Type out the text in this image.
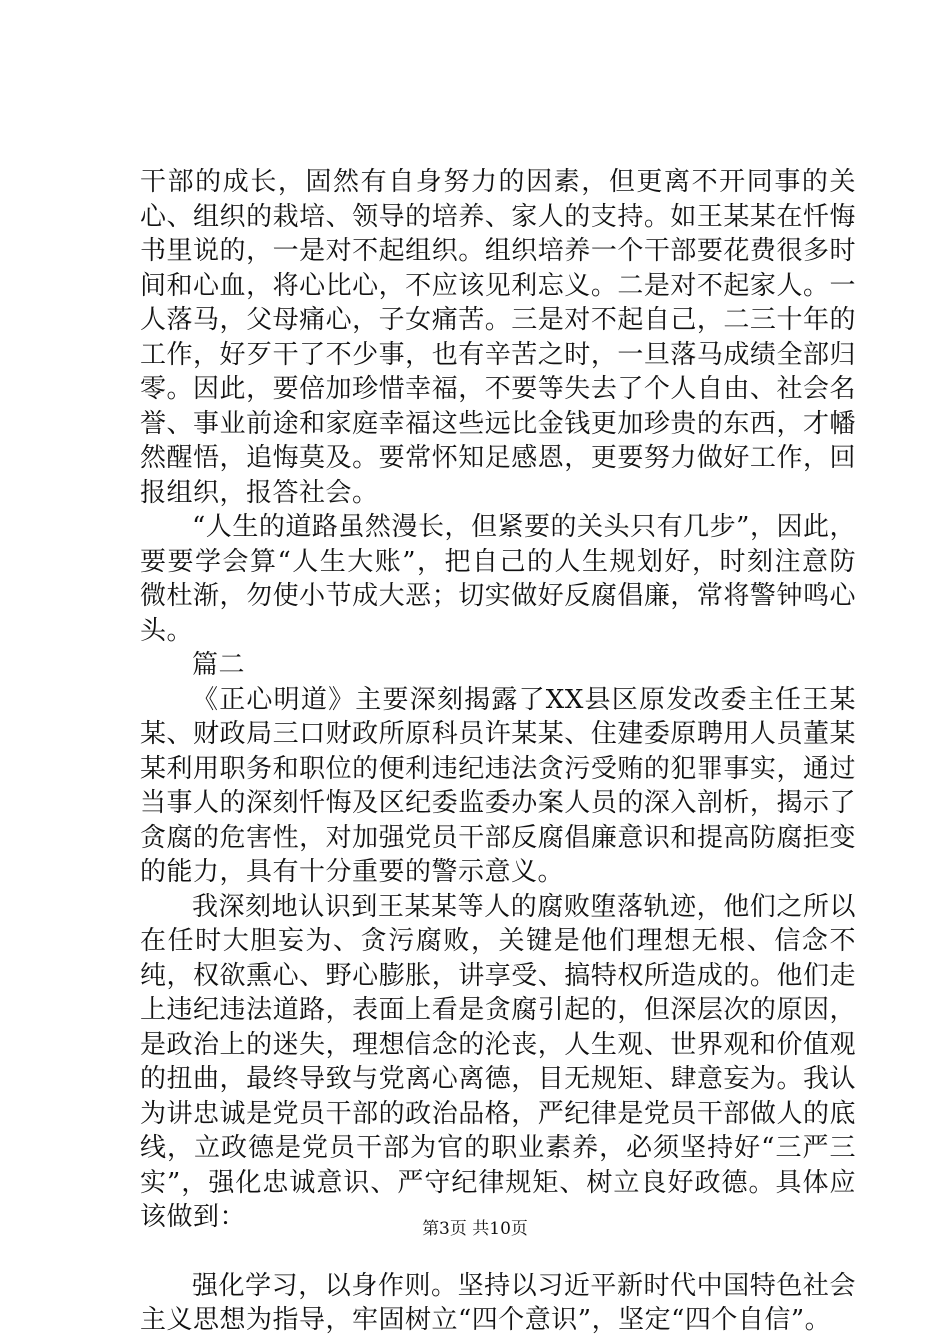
干部的成长，固然有自身努力的因素，但更离不开同事的关心、组织的栽培、领导的培养、家人的支持。如王某某在忏悔书里说的，一是对不起组织。组织培养一个干部要花费很多时间和心血，将心比心，不应该见利忘义。二是对不起家人。一人落马，父母痛心，子女痛苦。三是对不起自己，二三十年的工作，好歹干了不少事，也有辛苦之时，一旦落马成绩全部归零。因此，要倍加珍惜幸福，不要等失去了个人自由、社会名誉、事业前途和家庭幸福这些远比金钱更加珍贵的东西，才幡然醒悟，追悔莫及。要常怀知足感恩，更要努力做好工作，回报组织，报答社会。

“人生的道路虽然漫长，但紧要的关头只有几步”，因此，要要学会算“人生大账”，把自己的人生规划好，时刻注意防微杜渐，勿使小节成大恶；切实做好反腐倡廉，常将警钟鸣心头。

篇二

《正心明道》主要深刻揭露了XX县区原发改委主任王某某、财政局三口财政所原科员许某某、住建委原聘用人员董某某利用职务和职位的便利违纪违法贪污受贿的犯罪事实，通过当事人的深刻忏悔及区纪委监委办案人员的深入剖析，揭示了贪腐的危害性，对加强党员干部反腐倡廉意识和提高防腐拒变的能力，具有十分重要的警示意义。

我深刻地认识到王某某等人的腐败堕落轨迹，他们之所以在任时大胆妄为、贪污腐败，关键是他们理想无根、信念不纯，权欲熏心、野心膨胀，讲享受、搞特权所造成的。他们走上违纪违法道路，表面上看是贪腐引起的，但深层次的原因，是政治上的迷失，理想信念的沦丧，人生观、世界观和价值观的扭曲，最终导致与党离心离德，目无规矩、肆意妄为。我认为讲忠诚是党员干部的政治品格，严纪律是党员干部做人的底线，立政德是党员干部为官的职业素养，必须坚持好“三严三实”，强化忠诚意识、严守纪律规矩、树立良好政德。具体应该做到：

强化学习，以身作则。坚持以习近平新时代中国特色社会主义思想为指导，牢固树立“四个意识”，坚定“四个自信”。

第3页 共10页
